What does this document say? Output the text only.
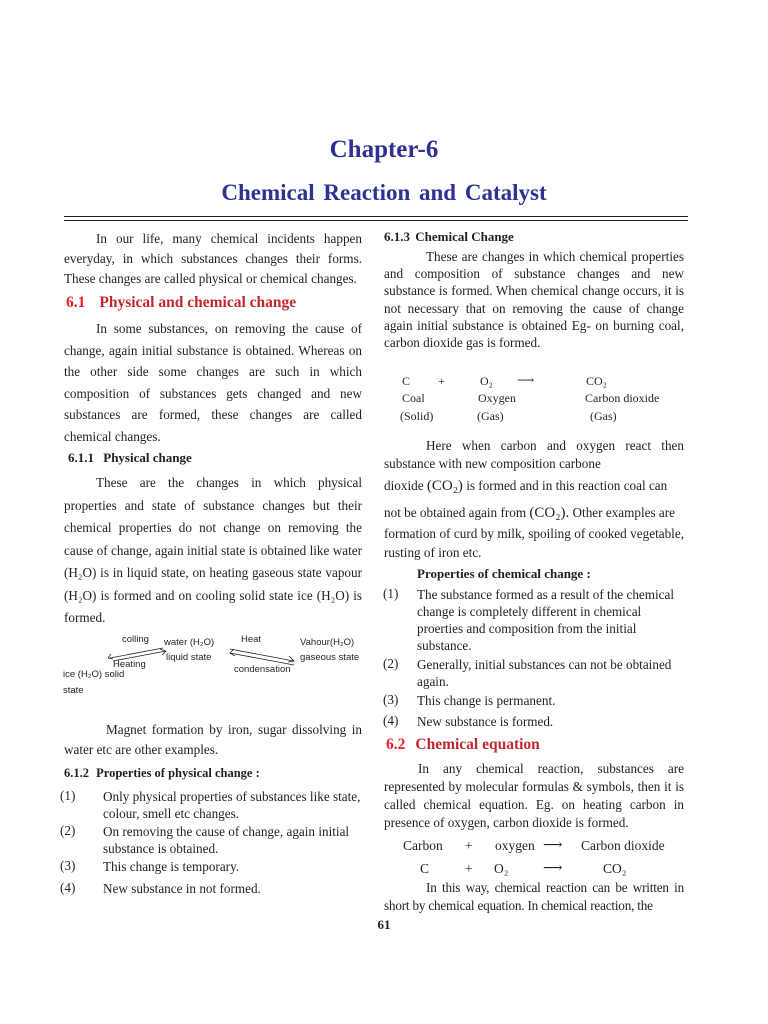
Chapter-6
Chemical Reaction and Catalyst
In our life, many chemical incidents happen everyday, in which substances changes their forms. These changes are called physical or chemical changes.
6.1 Physical and chemical change
In some substances, on removing the cause of change, again initial substance is obtained. Whereas on the other side some changes are such in which composition of substances gets changed and new substances are formed, these changes are called chemical changes.
6.1.1 Physical change
These are the changes in which physical properties and state of substance changes but their chemical properties do not change on removing the cause of change, again initial state is obtained like water (H₂O) is in liquid state, on heating gaseous state vapour (H₂O) is formed and on cooling solid state ice (H₂O) is formed.
colling
Heating
water (H₂O)
liquid state
Heat
condensation
Vahour(H₂O)
gaseous state
ice (H₂O) solid
state
Magnet formation by iron, sugar dissolving in water etc are other examples.
6.1.2 Properties of physical change :
(1) Only physical properties of substances like state, colour, smell etc changes.
(2) On removing the cause of change, again initial substance is obtained.
(3) This change is temporary.
(4) New substance in not formed.
6.1.3 Chemical Change
These are changes in which chemical properties and composition of substance changes and new substance is formed. When chemical change occurs, it is not necessary that on removing the cause of change again initial substance is obtained Eg- on burning coal, carbon dioxide gas is formed.
C +	O₂ ⟶	CO₂
Coal	Oxygen	Carbon dioxide
(Solid)	(Gas)	(Gas)
Here when carbon and oxygen react then substance with new composition carbone
dioxide (CO₂) is formed and in this reaction coal can
not be obtained again from (CO₂). Other examples are
formation of curd by milk, spoiling of cooked vegetable, rusting of iron etc.
Properties of chemical change :
(1) The substance formed as a result of the chemical change is completely different in chemical proerties and composition from the initial substance.
(2) Generally, initial substances can not be obtained again.
(3) This change is permanent.
(4) New substance is formed.
6.2 Chemical equation
In any chemical reaction, substances are represented by molecular formulas & symbols, then it is called chemical equation. Eg. on heating carbon in presence of oxygen, carbon dioxide is formed.
Carbon + oxygen ⟶ Carbon dioxide
C	+ O₂	⟶	CO₂
In this way, chemical reaction can be written in short by chemical equation. In chemical reaction, the
61
